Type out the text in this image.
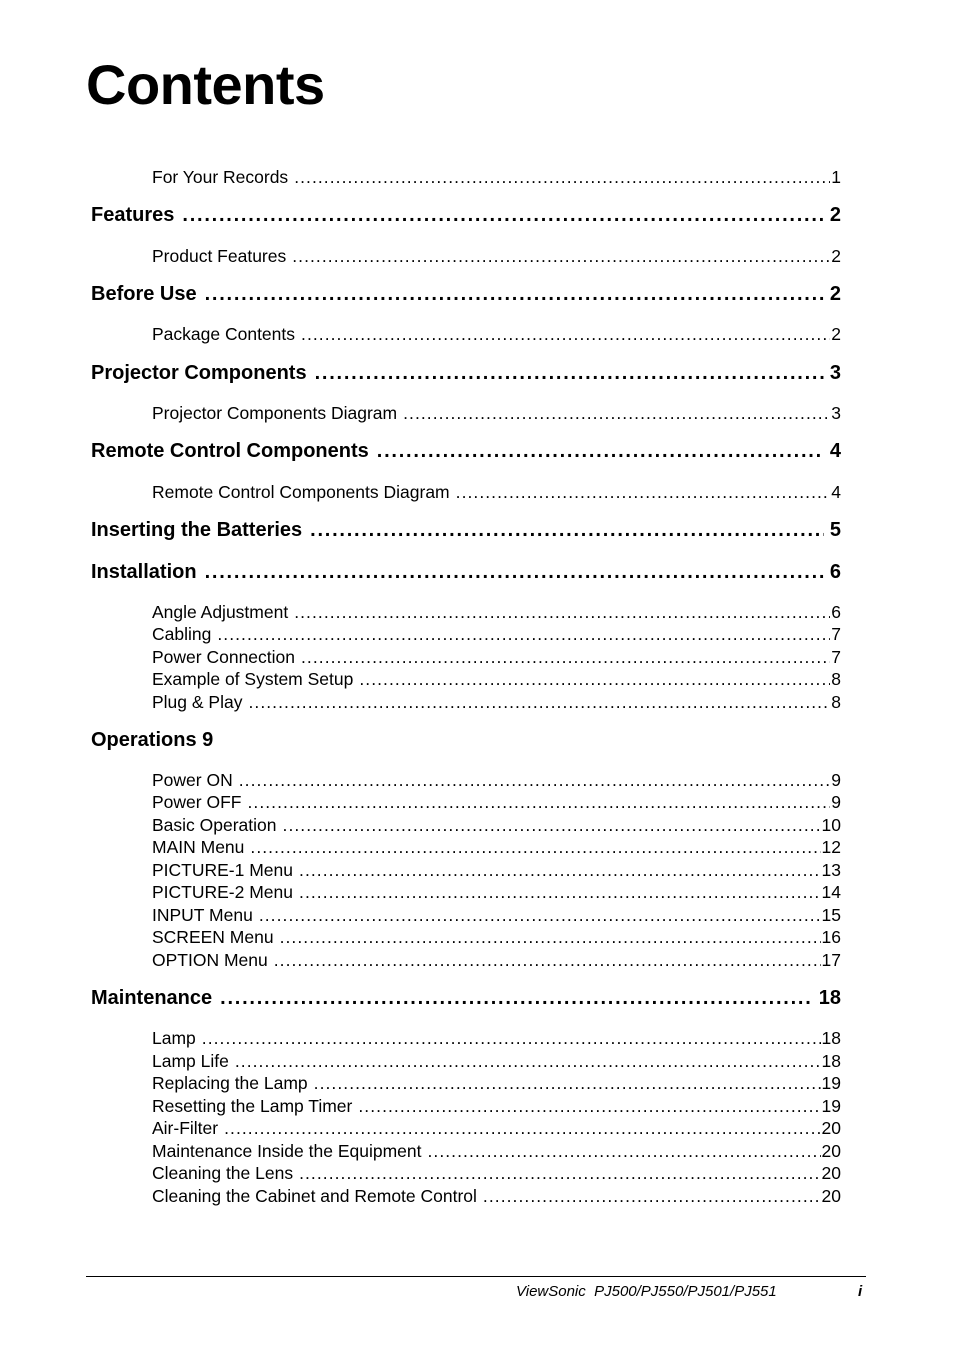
Contents
For Your Records . . .	1
Features . . .	2
Product Features . . .	2
Before Use . . .	2
Package Contents . . .	2
Projector Components . . .	3
Projector Components Diagram . . .	3
Remote Control Components . . .	4
Remote Control Components Diagram . . .	4
Inserting the Batteries . . .	5
Installation . . .	6
Angle Adjustment . . .	6
Cabling . . .	7
Power Connection . . .	7
Example of System Setup . . .	8
Plug & Play . . .	8
Operations 9
Power ON . . .	9
Power OFF . . .	9
Basic Operation . . .	10
MAIN Menu . . .	12
PICTURE-1 Menu . . .	13
PICTURE-2 Menu . . .	14
INPUT Menu . . .	15
SCREEN Menu . . .	16
OPTION Menu . . .	17
Maintenance . . .	18
Lamp . . .	18
Lamp Life . . .	18
Replacing the Lamp . . .	19
Resetting the Lamp Timer . . .	19
Air-Filter . . .	20
Maintenance Inside the Equipment . . .	20
Cleaning the Lens . . .	20
Cleaning the Cabinet and Remote Control . . .	20
ViewSonic  PJ500/PJ550/PJ501/PJ551	i
